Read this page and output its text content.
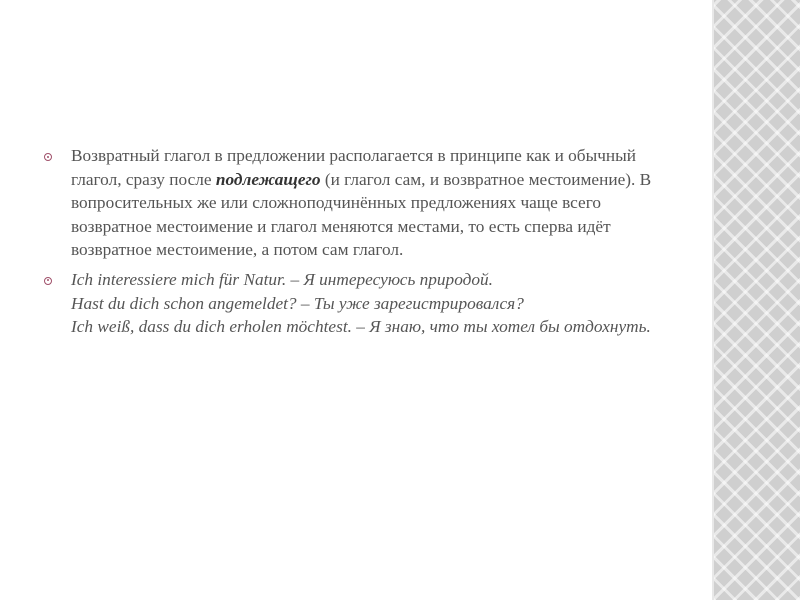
Возвратный глагол в предложении располагается в принципе как и обычный глагол, сразу после подлежащего (и глагол сам, и возвратное местоимение). В вопросительных же или сложноподчинённых предложениях чаще всего возвратное местоимение и глагол меняются местами, то есть сперва идёт возвратное местоимение, а потом сам глагол.

Ich interessiere mich für Natur. – Я интересуюсь природой.
Hast du dich schon angemeldet? – Ты уже зарегистрировался?
Ich weiß, dass du dich erholen möchtest. – Я знаю, что ты хотел бы отдохнуть.
